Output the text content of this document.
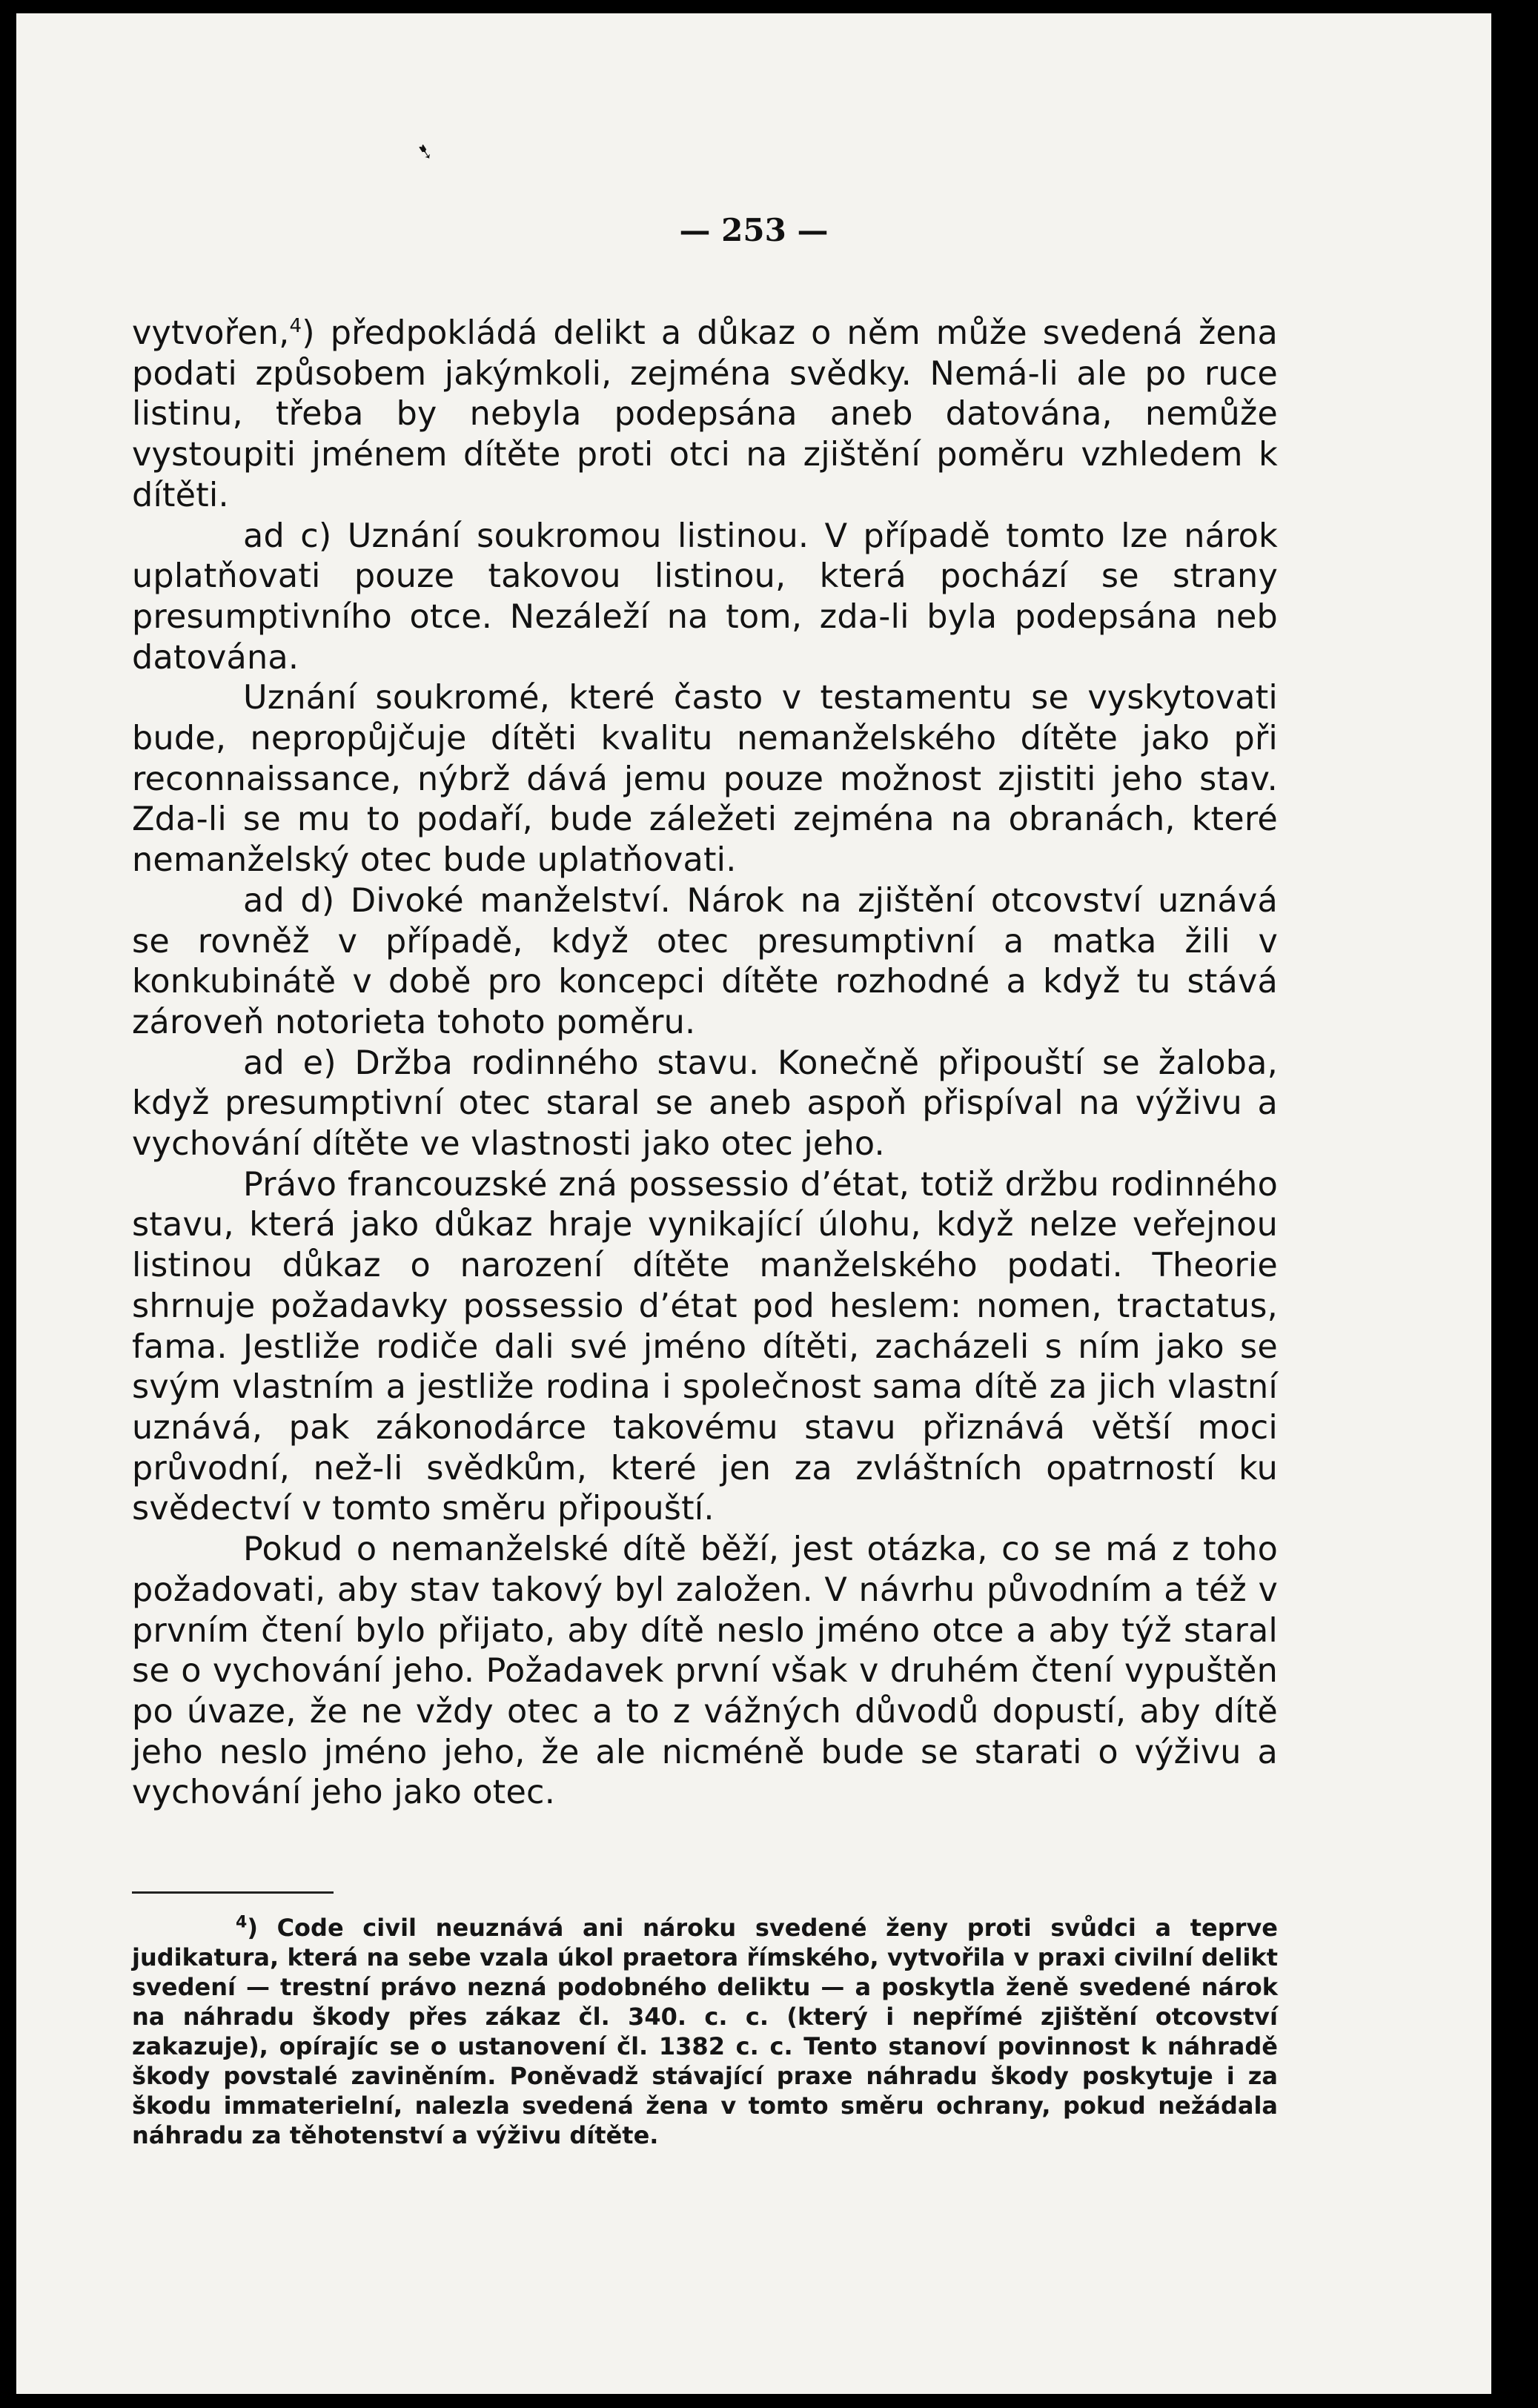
➷
— 253 —

vytvořen,$^4$) předpokládá delikt a důkaz o něm může svedená žena podati způsobem jakýmkoli, zejména svědky. Nemá-li ale po ruce listinu, třeba by nebyla podepsána aneb datována, nemůže vystoupiti jménem dítěte proti otci na zjištění poměru vzhledem k dítěti.

ad c) Uznání soukromou listinou. V případě tomto lze nárok uplatňovati pouze takovou listinou, která pochází se strany presumptivního otce. Nezáleží na tom, zda-li byla podepsána neb datována.

Uznání soukromé, které často v testamentu se vyskytovati bude, nepropůjčuje dítěti kvalitu nemanželského dítěte jako při reconnaissance, nýbrž dává jemu pouze možnost zjistiti jeho stav. Zda-li se mu to podaří, bude záležeti zejména na obranách, které nemanželský otec bude uplatňovati.

ad d) Divoké manželství. Nárok na zjištění otcovství uznává se rovněž v případě, když otec presumptivní a matka žili v konkubinátě v době pro koncepci dítěte rozhodné a když tu stává zároveň notorieta tohoto poměru.

ad e) Držba rodinného stavu. Konečně připouští se žaloba, když presumptivní otec staral se aneb aspoň přispíval na výživu a vychování dítěte ve vlastnosti jako otec jeho.

Právo francouzské zná possessio d’état, totiž držbu rodinného stavu, která jako důkaz hraje vynikající úlohu, když nelze veřejnou listinou důkaz o narození dítěte manželského podati. Theorie shrnuje požadavky possessio d’état pod heslem: nomen, tractatus, fama. Jestliže rodiče dali své jméno dítěti, zacházeli s ním jako se svým vlastním a jestliže rodina i společnost sama dítě za jich vlastní uznává, pak zákonodárce takovému stavu přiznává větší moci průvodní, než-li svědkům, které jen za zvláštních opatrností ku svědectví v tomto směru připouští.

Pokud o nemanželské dítě běží, jest otázka, co se má z toho požadovati, aby stav takový byl založen. V návrhu původním a též v prvním čtení bylo přijato, aby dítě neslo jméno otce a aby týž staral se o vychování jeho. Požadavek první však v druhém čtení vypuštěn po úvaze, že ne vždy otec a to z vážných důvodů dopustí, aby dítě jeho neslo jméno jeho, že ale nicméně bude se starati o výživu a vychování jeho jako otec.

$^4$) Code civil neuznává ani nároku svedené ženy proti svůdci a teprve judikatura, která na sebe vzala úkol praetora římského, vytvořila v praxi civilní delikt svedení — trestní právo nezná podobného deliktu — a poskytla ženě svedené nárok na náhradu škody přes zákaz čl. 340. c. c. (který i nepřímé zjištění otcovství zakazuje), opírajíc se o ustanovení čl. 1382 c. c. Tento stanoví povinnost k náhradě škody povstalé zaviněním. Poněvadž stávající praxe náhradu škody poskytuje i za škodu immaterielní, nalezla svedená žena v tomto směru ochrany, pokud nežádala náhradu za těhotenství a výživu dítěte.
